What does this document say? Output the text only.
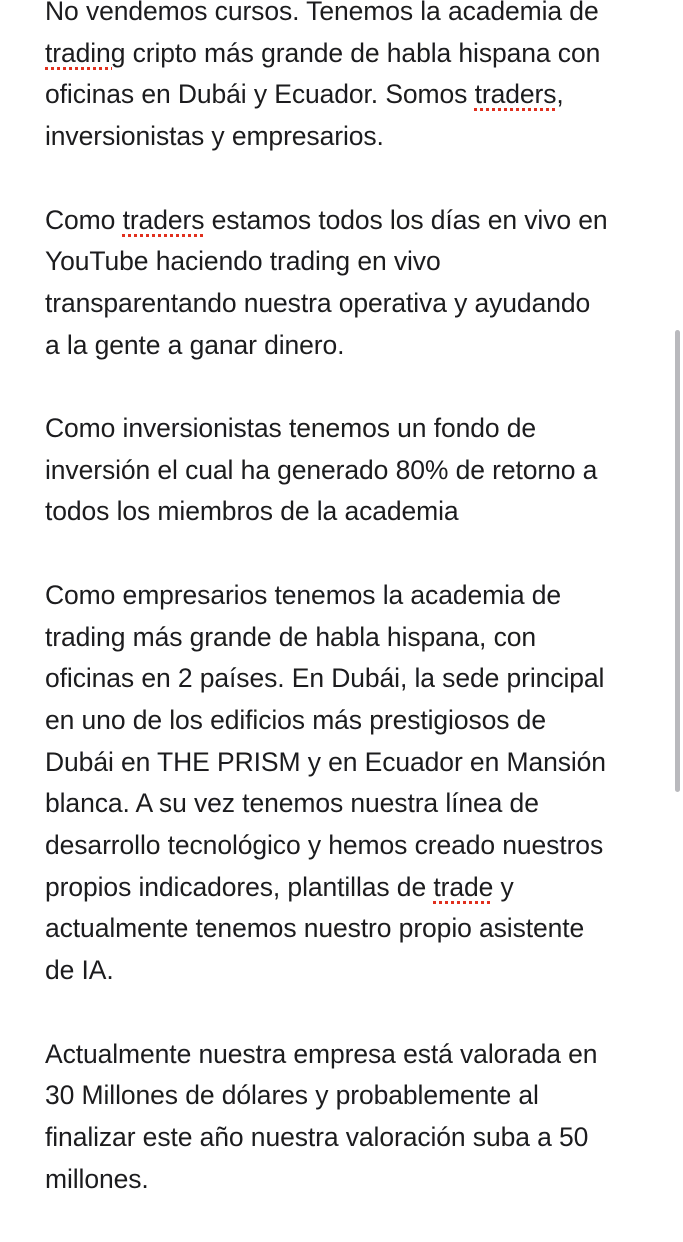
No vendemos cursos. Tenemos la academia de
trading cripto más grande de habla hispana con
oficinas en Dubái y Ecuador. Somos traders,
inversionistas y empresarios.

Como traders estamos todos los días en vivo en
YouTube haciendo trading en vivo
transparentando nuestra operativa y ayudando
a la gente a ganar dinero.

Como inversionistas tenemos un fondo de
inversión el cual ha generado 80% de retorno a
todos los miembros de la academia

Como empresarios tenemos la academia de
trading más grande de habla hispana, con
oficinas en 2 países. En Dubái, la sede principal
en uno de los edificios más prestigiosos de
Dubái en THE PRISM y en Ecuador en Mansión
blanca. A su vez tenemos nuestra línea de
desarrollo tecnológico y hemos creado nuestros
propios indicadores, plantillas de trade y
actualmente tenemos nuestro propio asistente
de IA.

Actualmente nuestra empresa está valorada en
30 Millones de dólares y probablemente al
finalizar este año nuestra valoración suba a 50
millones.
